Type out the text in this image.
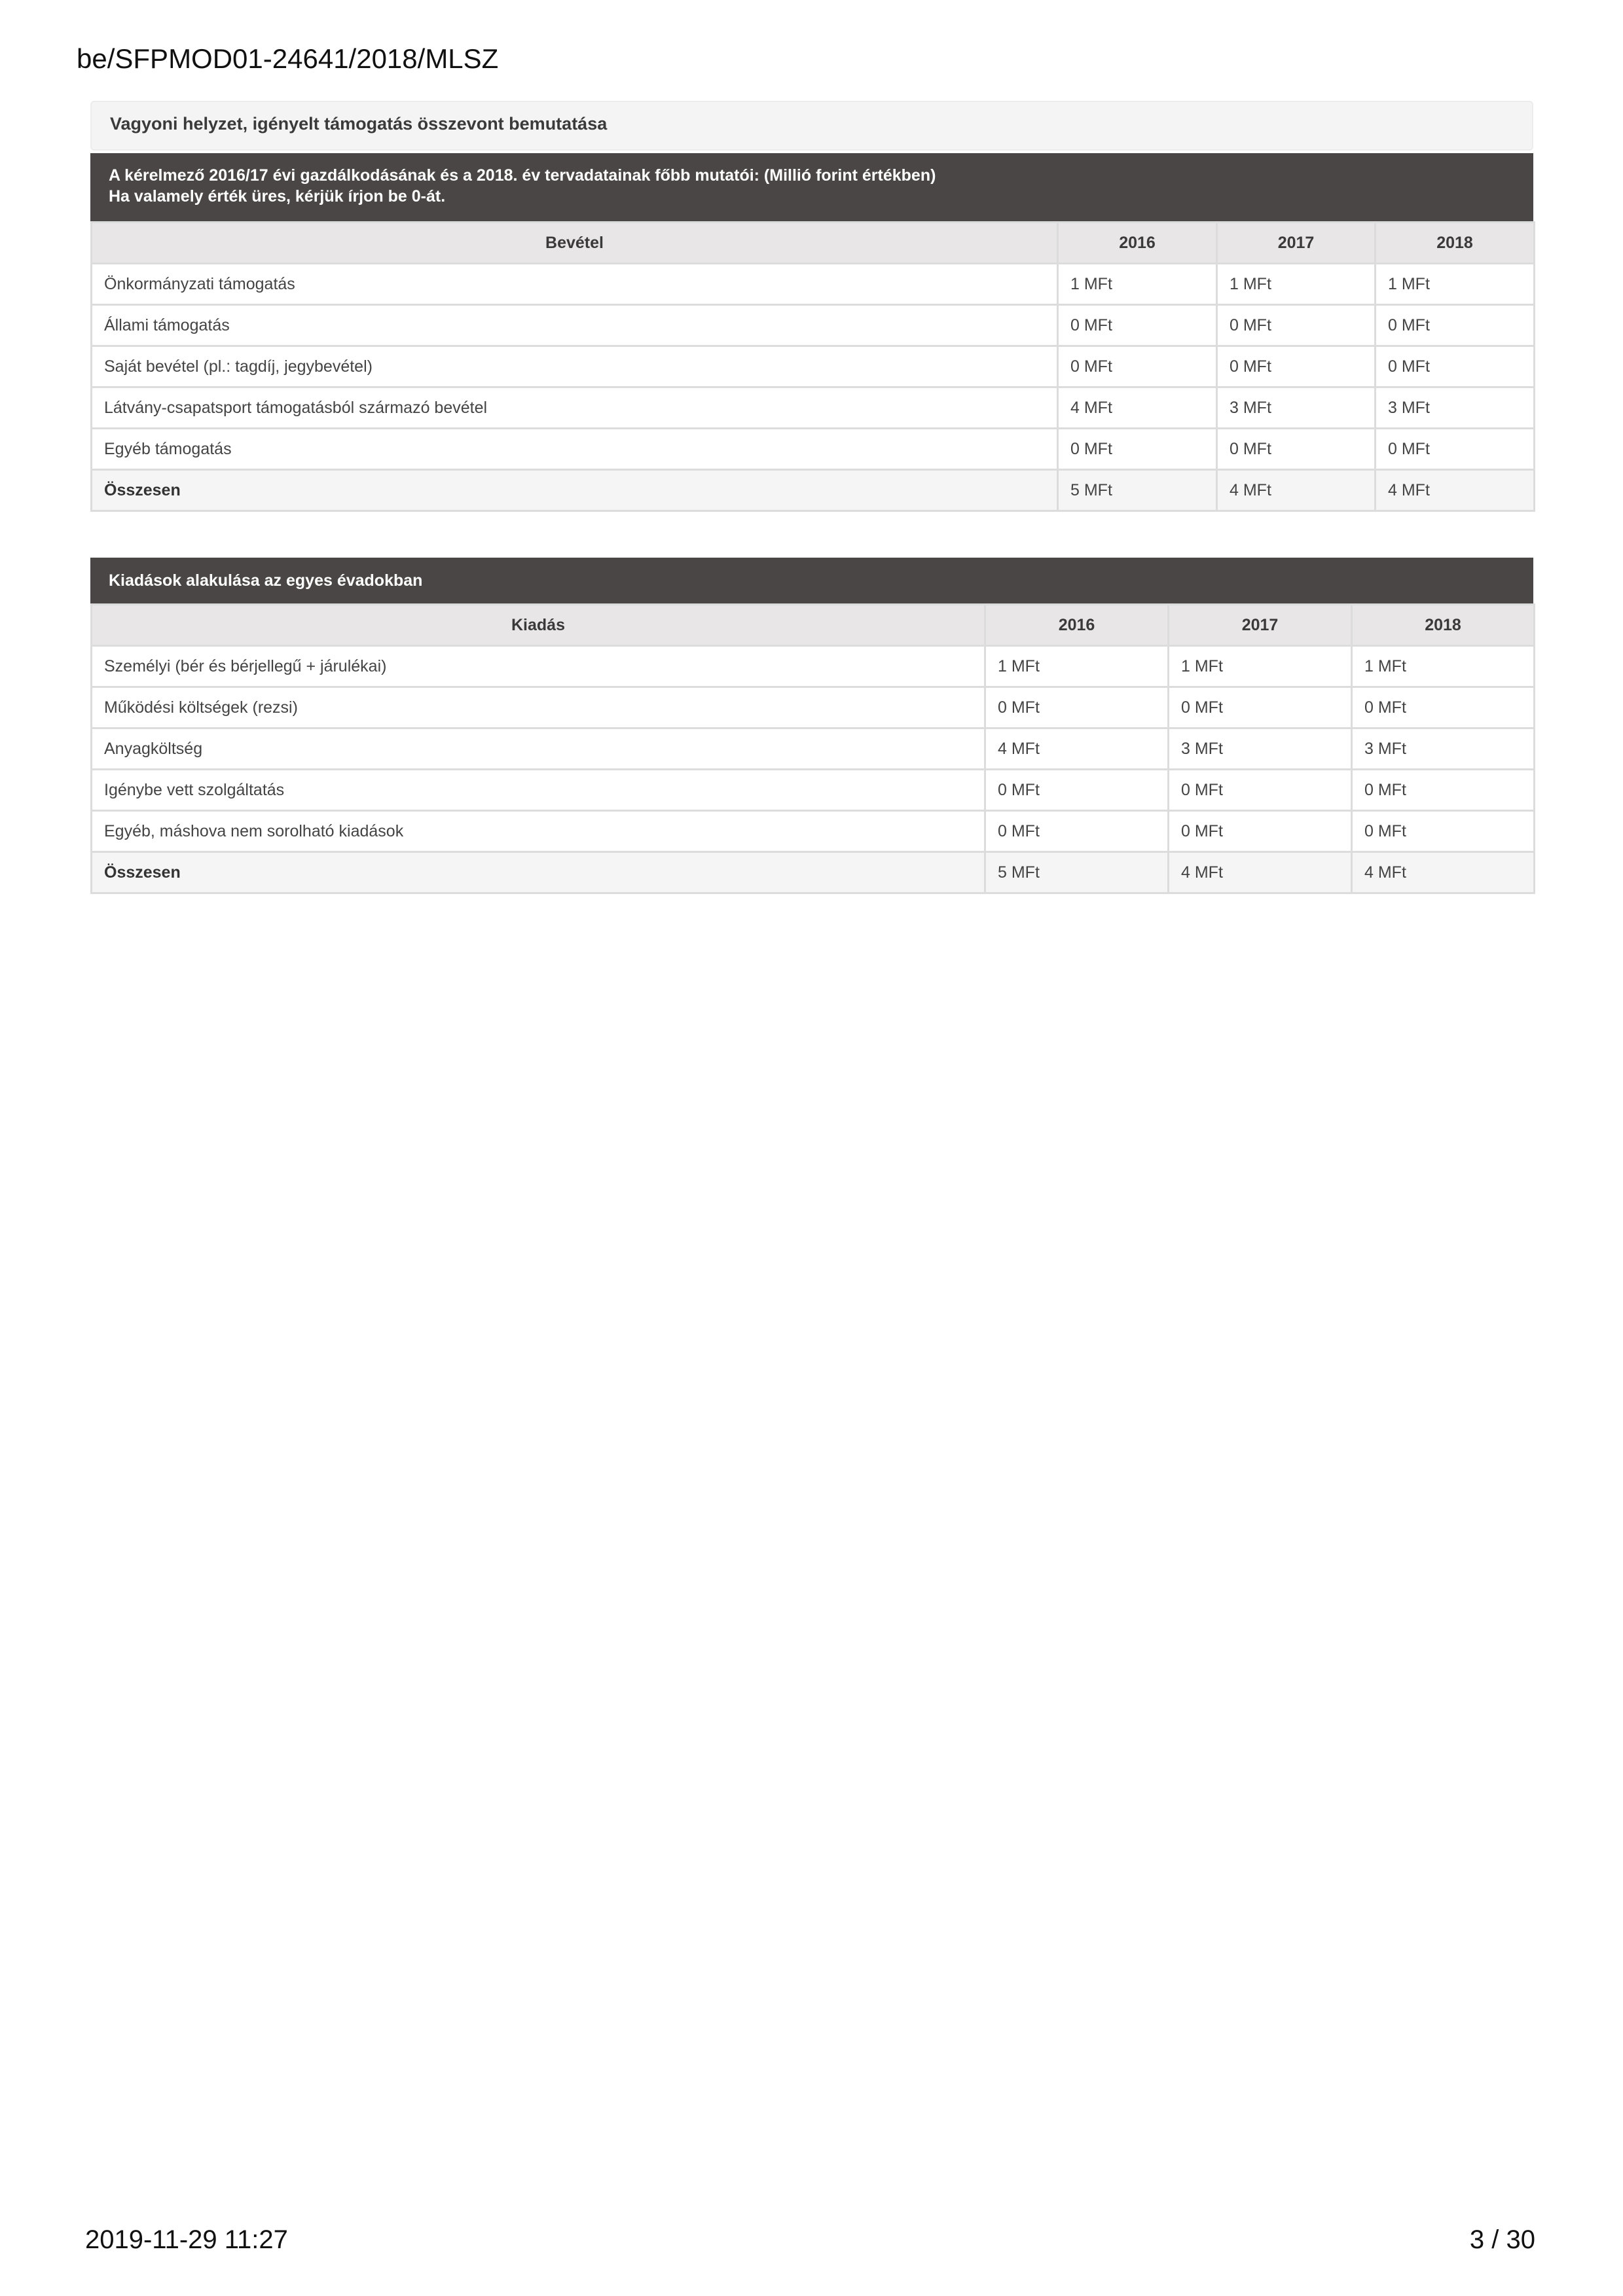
be/SFPMOD01-24641/2018/MLSZ
Vagyoni helyzet, igényelt támogatás összevont bemutatása
A kérelmező 2016/17 évi gazdálkodásának és a 2018. év tervadatainak főbb mutatói: (Millió forint értékben)
Ha valamely érték üres, kérjük írjon be 0-át.
Bevétel	2016	2017	2018
Önkormányzati támogatás	1 MFt	1 MFt	1 MFt
Állami támogatás	0 MFt	0 MFt	0 MFt
Saját bevétel (pl.: tagdíj, jegybevétel)	0 MFt	0 MFt	0 MFt
Látvány-csapatsport támogatásból származó bevétel	4 MFt	3 MFt	3 MFt
Egyéb támogatás	0 MFt	0 MFt	0 MFt
Összesen	5 MFt	4 MFt	4 MFt
Kiadások alakulása az egyes évadokban
Kiadás	2016	2017	2018
Személyi (bér és bérjellegű + járulékai)	1 MFt	1 MFt	1 MFt
Működési költségek (rezsi)	0 MFt	0 MFt	0 MFt
Anyagköltség	4 MFt	3 MFt	3 MFt
Igénybe vett szolgáltatás	0 MFt	0 MFt	0 MFt
Egyéb, máshova nem sorolható kiadások	0 MFt	0 MFt	0 MFt
Összesen	5 MFt	4 MFt	4 MFt
2019-11-29 11:27	3 / 30
